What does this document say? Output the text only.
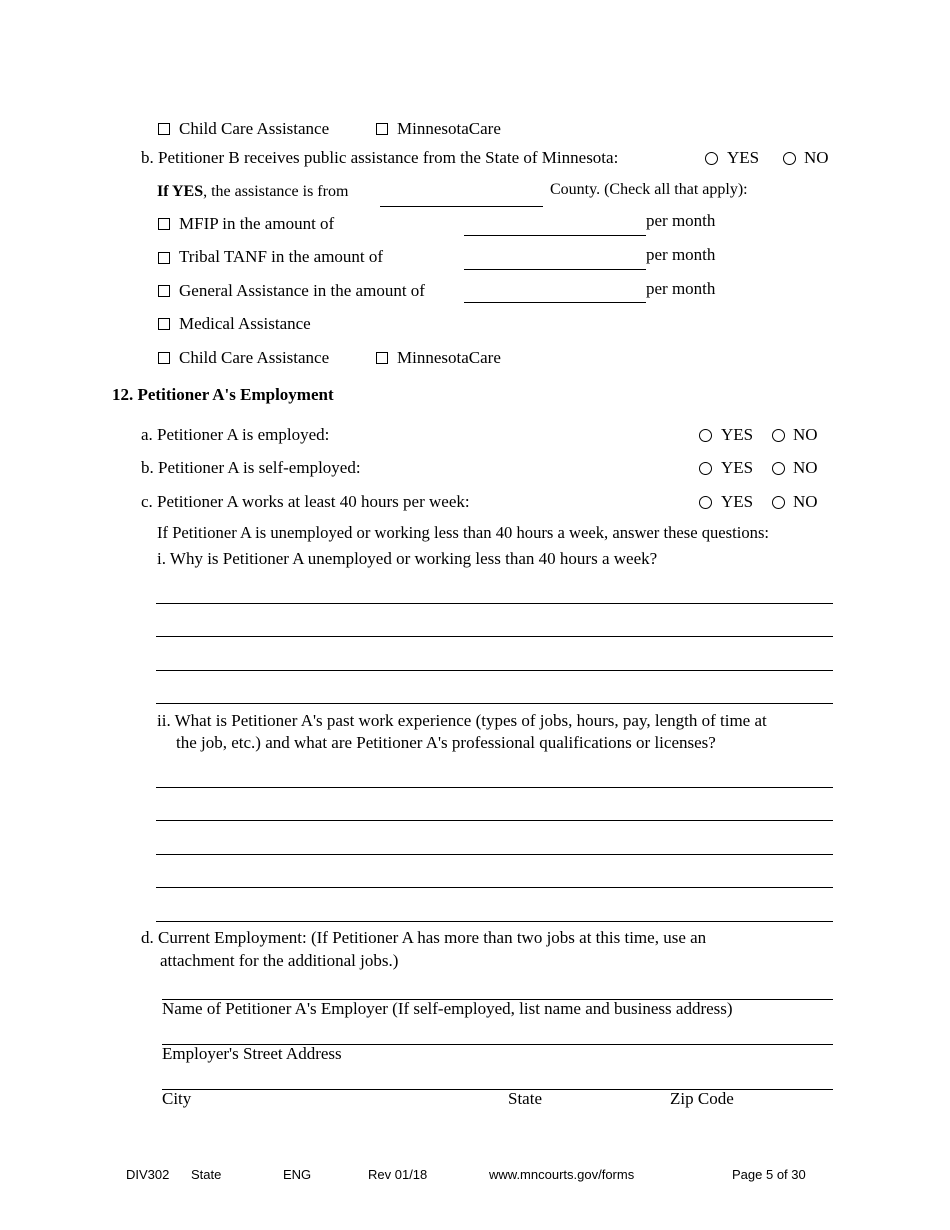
Child Care Assistance	MinnesotaCare
b. Petitioner B receives public assistance from the State of Minnesota:	YES	NO
If YES, the assistance is from	County. (Check all that apply):
MFIP in the amount of	per month
Tribal TANF in the amount of	per month
General Assistance in the amount of	per month
Medical Assistance
Child Care Assistance	MinnesotaCare
12. Petitioner A's Employment
a. Petitioner A is employed:	YES NO
b. Petitioner A is self-employed:	YES NO
c. Petitioner A works at least 40 hours per week:	YES NO
If Petitioner A is unemployed or working less than 40 hours a week, answer these questions:
i. Why is Petitioner A unemployed or working less than 40 hours a week?
ii. What is Petitioner A's past work experience (types of jobs, hours, pay, length of time at
the job, etc.) and what are Petitioner A's professional qualifications or licenses?
d. Current Employment: (If Petitioner A has more than two jobs at this time, use an
attachment for the additional jobs.)
Name of Petitioner A's Employer (If self-employed, list name and business address)
Employer's Street Address
City	State	Zip Code
DIV302 State	ENG	Rev 01/18	www.mncourts.gov/forms	Page 5 of 30
